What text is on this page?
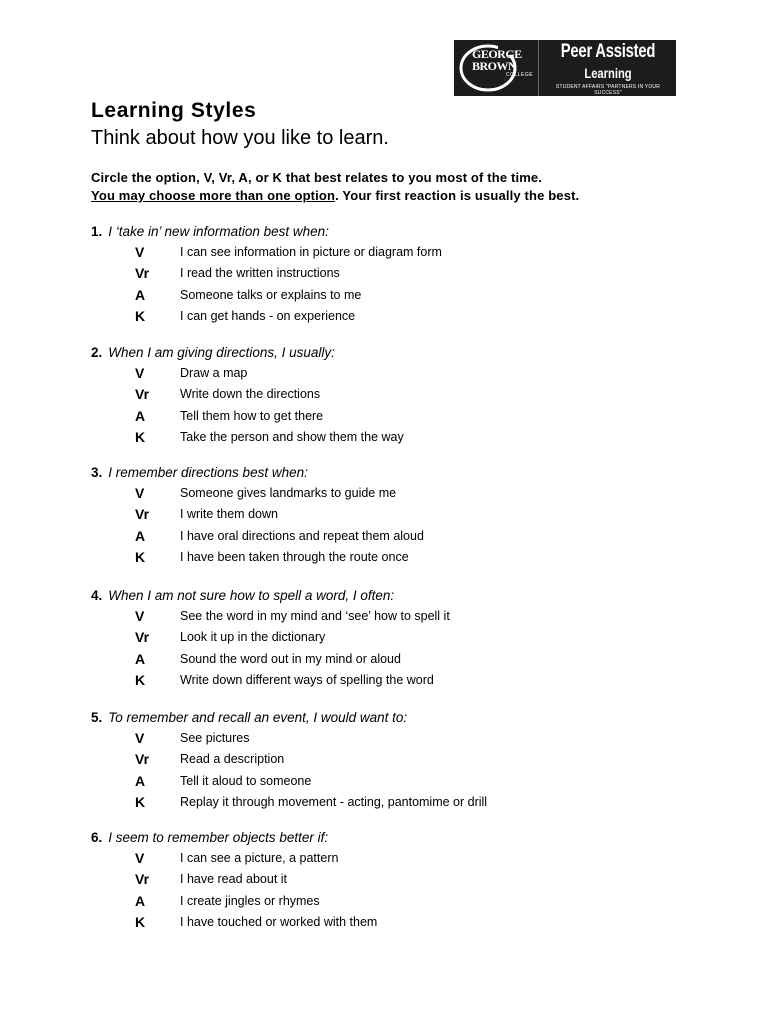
GEORGE
BROWN
COLLEGE
Peer Assisted
Learning
STUDENT AFFAIRS "PARTNERS IN YOUR SUCCESS"
Learning Styles
Think about how you like to learn.
Circle the option, V, Vr, A, or K that best relates to you most of the time.
You may choose more than one option. Your first reaction is usually the best.
1. I ‘take in’ new information best when:
V	I can see information in picture or diagram form
Vr I read the written instructions
A	Someone talks or explains to me
K	I can get hands - on experience
2. When I am giving directions, I usually:
V	Draw a map
Vr Write down the directions
A	Tell them how to get there
K	Take the person and show them the way
3. I remember directions best when:
V	Someone gives landmarks to guide me
Vr I write them down
A	I have oral directions and repeat them aloud
K	I have been taken through the route once
4. When I am not sure how to spell a word, I often:
V	See the word in my mind and ‘see’ how to spell it
Vr Look it up in the dictionary
A	Sound the word out in my mind or aloud
K	Write down different ways of spelling the word
5. To remember and recall an event, I would want to:
V	See pictures
Vr Read a description
A	Tell it aloud to someone
K	Replay it through movement - acting, pantomime or drill
6. I seem to remember objects better if:
V	I can see a picture, a pattern
Vr I have read about it
A	I create jingles or rhymes
K	I have touched or worked with them
